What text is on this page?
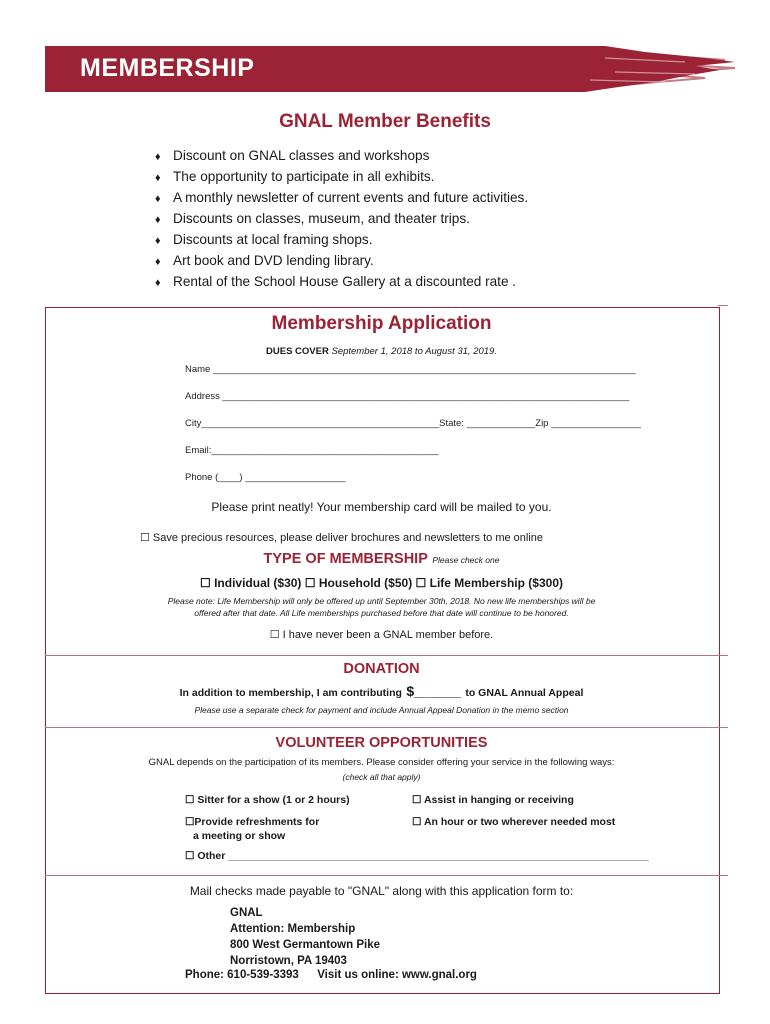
MEMBERSHIP
GNAL Member Benefits
♦ Discount on GNAL classes and workshops
♦ The opportunity to participate in all exhibits.
♦ A monthly newsletter of current events and future activities.
♦ Discounts on classes, museum, and theater trips.
♦ Discounts at local framing shops.
♦ Art book and DVD lending library.
♦ Rental of the School House Gallery at a discounted rate .
Membership Application
DUES COVER September 1, 2018 to August 31, 2019.
Name ________________________________________________________________________________
Address _____________________________________________________________________________
City_____________________________________________State: _____________Zip _________________
Email:___________________________________________
Phone (____) ___________________
Please print neatly! Your membership card will be mailed to you.
☐ Save precious resources, please deliver brochures and newsletters to me online
TYPE OF MEMBERSHIP Please check one
☐ Individual ($30) ☐ Household ($50) ☐ Life Membership ($300)
Please note: Life Membership will only be offered up until September 30th, 2018. No new life memberships will be
offered after that date. All Life memberships purchased before that date will continue to be honored.
☐ I have never been a GNAL member before.
DONATION
In addition to membership, I am contributing $______ to GNAL Annual Appeal
Please use a separate check for payment and include Annual Appeal Donation in the memo section
VOLUNTEER OPPORTUNITIES
GNAL depends on the participation of its members. Please consider offering your service in the following ways:
(check all that apply)
☐ Sitter for a show (1 or 2 hours)	☐ Assist in hanging or receiving
☐Provide refreshments for
a meeting or show
☐ An hour or two wherever needed most
☐ Other ________________________________________________________________________
Mail checks made payable to "GNAL" along with this application form to:
GNAL
Attention: Membership
800 West Germantown Pike
Norristown, PA 19403
Phone: 610-539-3393 Visit us online: www.gnal.org
